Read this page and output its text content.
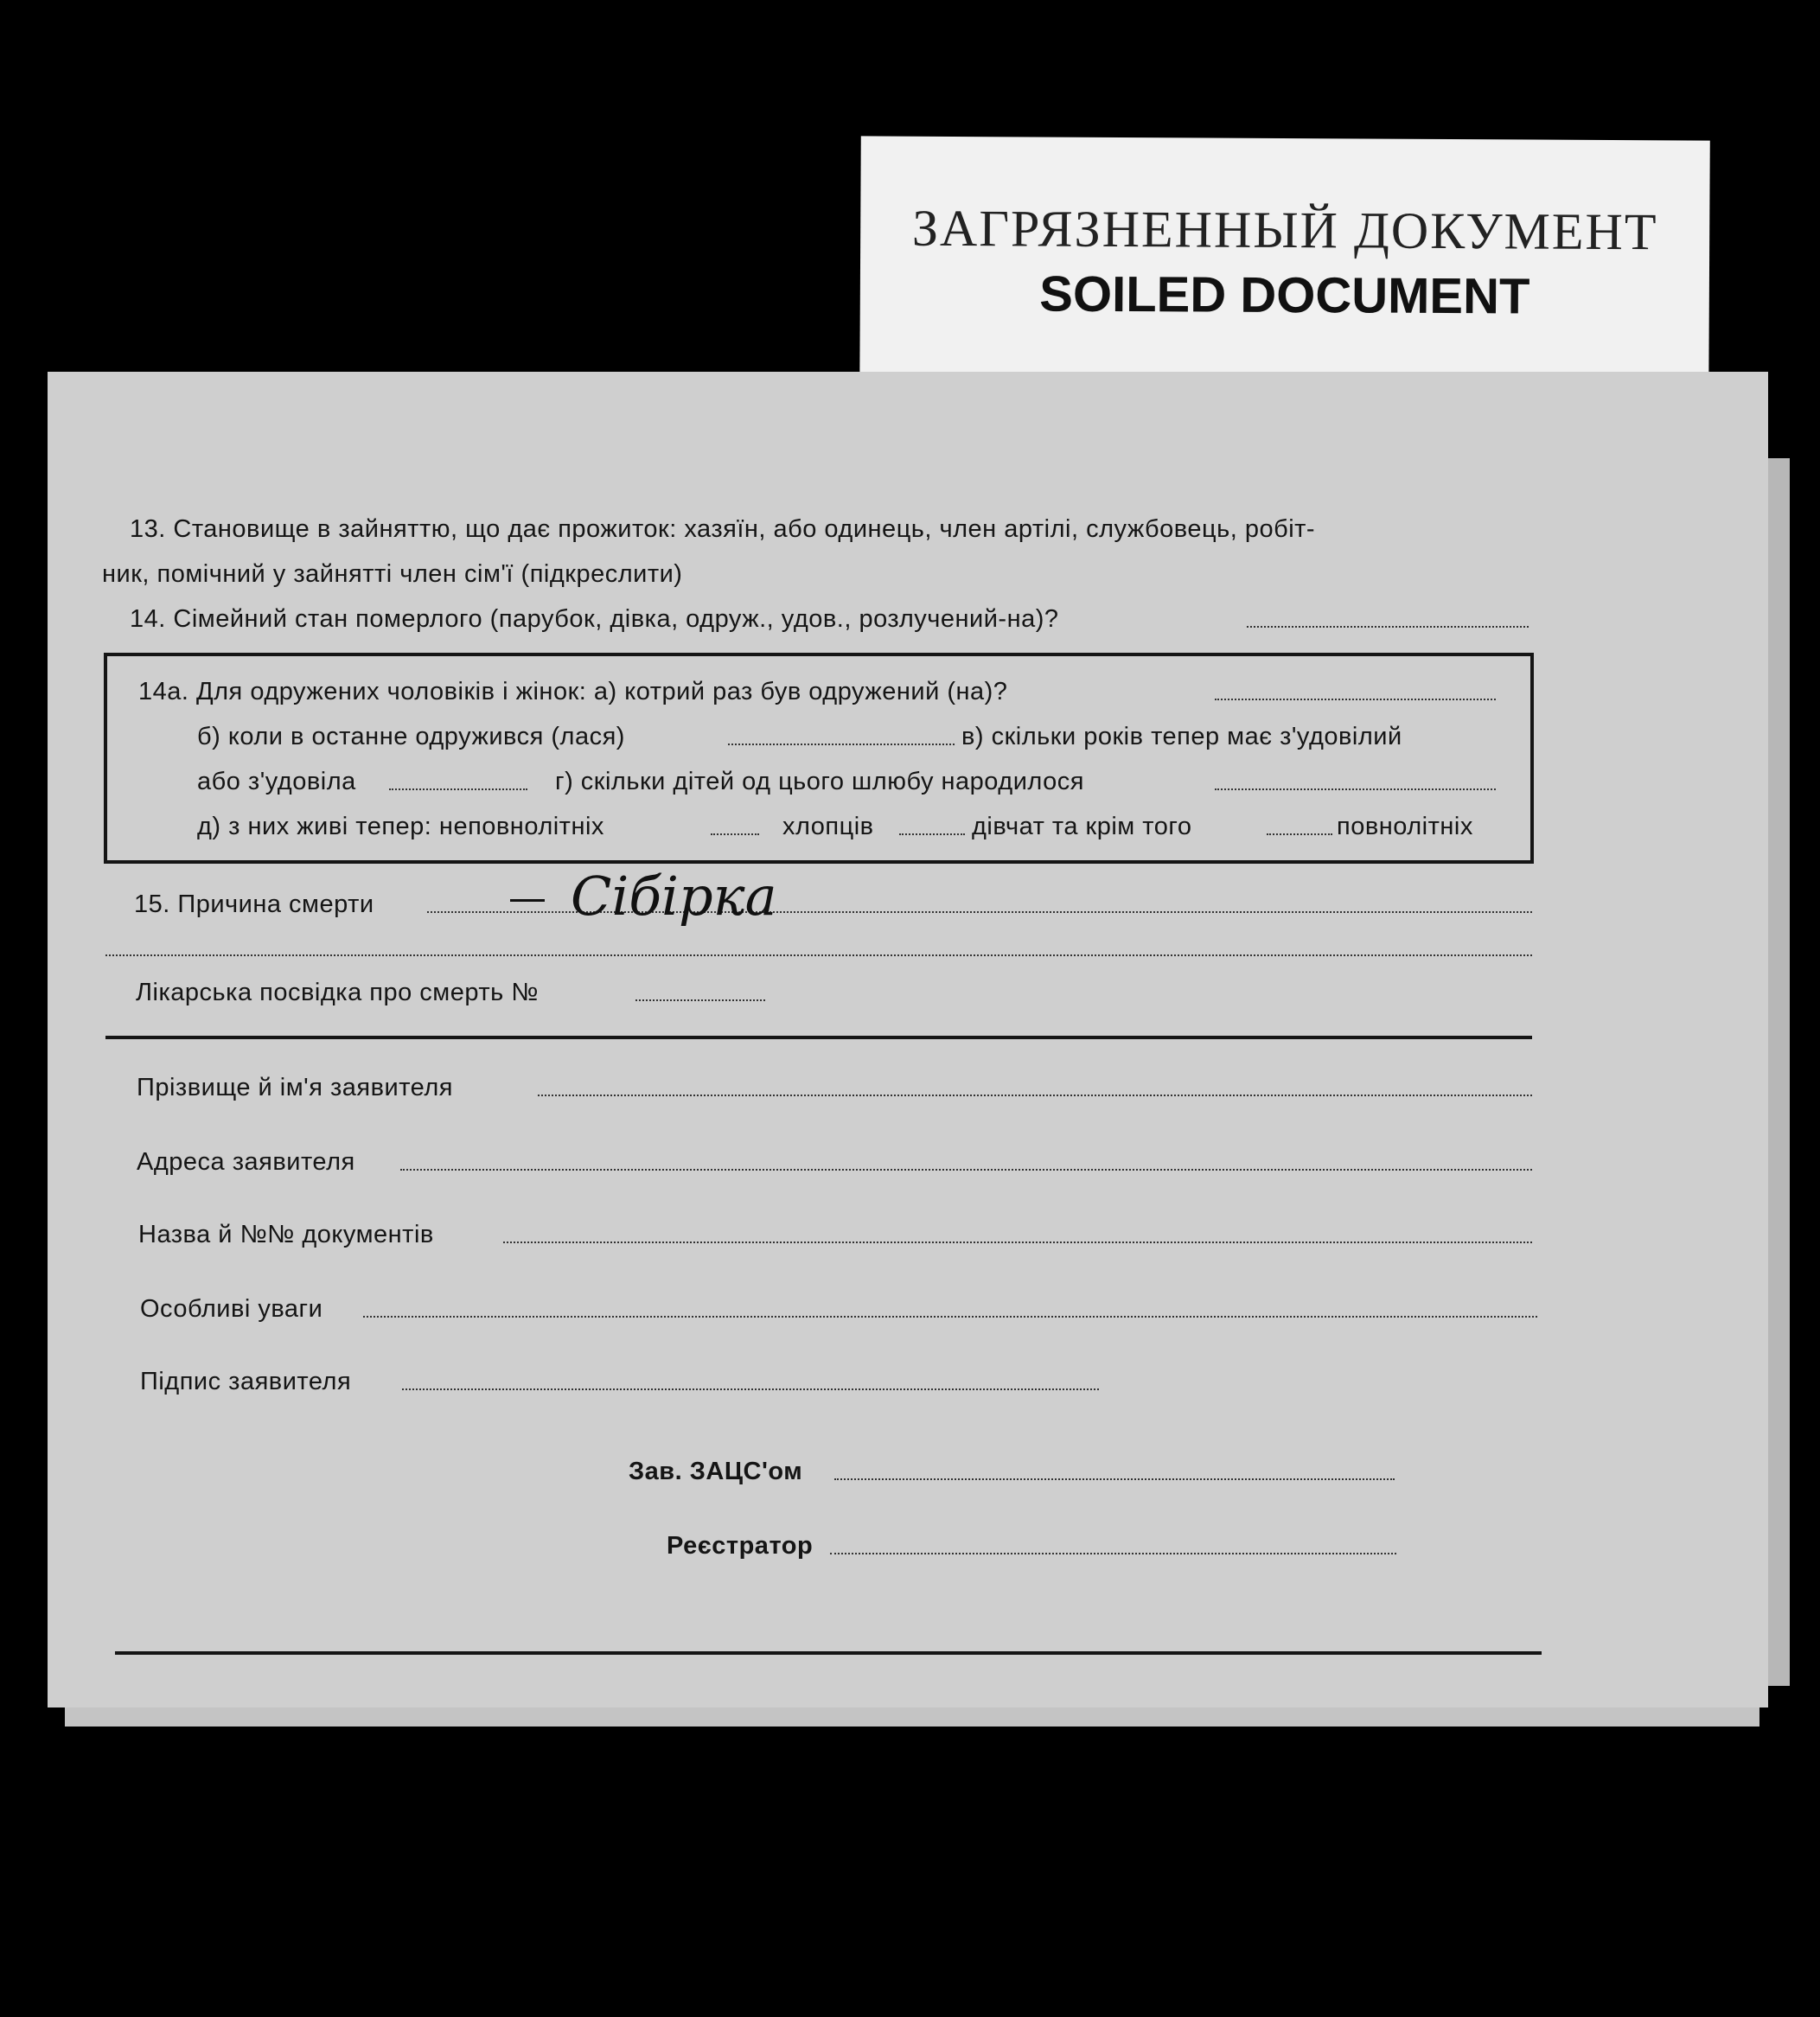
ЗАГРЯЗНЕННЫЙ ДОКУМЕНТ
SOILED DOCUMENT
13. Становище в зайняттю, що дає прожиток: хазяїн, або одинець, член артілі, службовець, робіт-
ник, помічний у зайнятті член сім'ї (підкреслити)
14. Сімейний стан померлого (парубок, дівка, одруж., удов., розлучений-на)?
14а. Для одружених чоловіків і жінок: а) котрий раз був одружений (на)?
б) коли в останне одружився (лася)	в) скільки років тепер має з'удовілий
або з'удовіла	г) скільки дітей од цього шлюбу народилося
д) з них живі тепер: неповнолітніх	хлопців	дівчат та крім того	повнолітніх
15. Причина смерти	Сібірка
Лікарська посвідка про смерть №
Прізвище й ім'я заявителя
Адреса заявителя
Назва й №№ документів
Особливі уваги
Підпис заявителя
Зав. ЗАЦС'ом
Реєстратор
